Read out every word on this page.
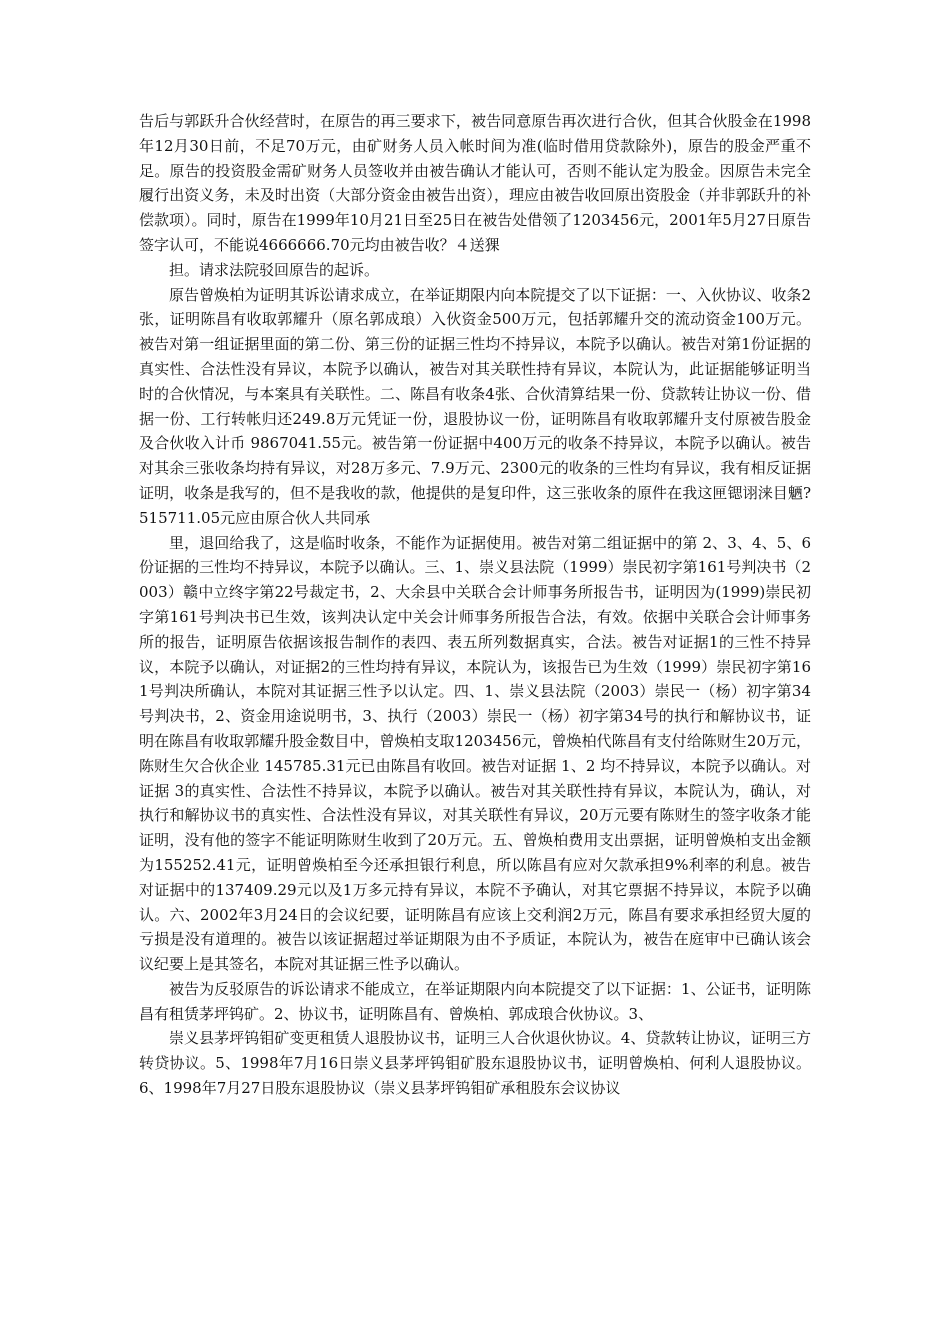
告后与郭跃升合伙经营时，在原告的再三要求下，被告同意原告再次进行合伙，但其合伙股金在1998年12月30日前，不足70万元，由矿财务人员入帐时间为准(临时借用贷款除外)，原告的股金严重不足。原告的投资股金需矿财务人员签收并由被告确认才能认可，否则不能认定为股金。因原告未完全履行出资义务，未及时出资（大部分资金由被告出资），理应由被告收回原出资股金（并非郭跃升的补偿款项）。同时，原告在1999年10月21日至25日在被告处借领了1203456元，2001年5月27日原告签字认可，不能说4666666.70元均由被告收？４送猓

担。请求法院驳回原告的起诉。

原告曾焕柏为证明其诉讼请求成立，在举证期限内向本院提交了以下证据：一、入伙协议、收条2张，证明陈昌有收取郭耀升（原名郭成琅）入伙资金500万元，包括郭耀升交的流动资金100万元。被告对第一组证据里面的第二份、第三份的证据三性均不持异议，本院予以确认。被告对第1份证据的真实性、合法性没有异议，本院予以确认，被告对其关联性持有异议，本院认为，此证据能够证明当时的合伙情况，与本案具有关联性。二、陈昌有收条4张、合伙清算结果一份、贷款转让协议一份、借据一份、工行转帐归还249.8万元凭证一份，退股协议一份，证明陈昌有收取郭耀升支付原被告股金及合伙收入计币 9867041.55元。被告第一份证据中400万元的收条不持异议，本院予以确认。被告对其余三张收条均持有异议，对28万多元、7.9万元、2300元的收条的三性均有异议，我有相反证据证明，收条是我写的，但不是我收的款，他提供的是复印件，这三张收条的原件在我这匣锶诩涞目魉?515711.05元应由原合伙人共同承

里，退回给我了，这是临时收条，不能作为证据使用。被告对第二组证据中的第 2、3、4、5、6份证据的三性均不持异议，本院予以确认。三、1、崇义县法院（1999）崇民初字第161号判决书（2003）赣中立终字第22号裁定书，2、大余县中关联合会计师事务所报告书，证明因为(1999)崇民初字第161号判决书已生效，该判决认定中关会计师事务所报告合法，有效。依据中关联合会计师事务所的报告，证明原告依据该报告制作的表四、表五所列数据真实，合法。被告对证据1的三性不持异议，本院予以确认，对证据2的三性均持有异议，本院认为，该报告已为生效（1999）崇民初字第161号判决所确认，本院对其证据三性予以认定。四、1、崇义县法院（2003）崇民一（杨）初字第34号判决书，2、资金用途说明书，3、执行（2003）崇民一（杨）初字第34号的执行和解协议书，证明在陈昌有收取郭耀升股金数目中，曾焕柏支取1203456元，曾焕柏代陈昌有支付给陈财生20万元，陈财生欠合伙企业 145785.31元已由陈昌有收回。被告对证据 1、2 均不持异议，本院予以确认。对证据 3的真实性、合法性不持异议，本院予以确认。被告对其关联性持有异议，本院认为，确认，对执行和解协议书的真实性、合法性没有异议，对其关联性有异议，20万元要有陈财生的签字收条才能证明，没有他的签字不能证明陈财生收到了20万元。五、曾焕柏费用支出票据，证明曾焕柏支出金额为155252.41元，证明曾焕柏至今还承担银行利息，所以陈昌有应对欠款承担9%利率的利息。被告对证据中的137409.29元以及1万多元持有异议，本院不予确认，对其它票据不持异议，本院予以确认。六、2002年3月24日的会议纪要，证明陈昌有应该上交利润2万元，陈昌有要求承担经贸大厦的亏损是没有道理的。被告以该证据超过举证期限为由不予质证，本院认为，被告在庭审中已确认该会议纪要上是其签名，本院对其证据三性予以确认。

被告为反驳原告的诉讼请求不能成立，在举证期限内向本院提交了以下证据：1、公证书，证明陈昌有租赁茅坪钨矿。2、协议书，证明陈昌有、曾焕柏、郭成琅合伙协议。3、

崇义县茅坪钨钼矿变更租赁人退股协议书，证明三人合伙退伙协议。4、贷款转让协议，证明三方转贷协议。5、1998年7月16日崇义县茅坪钨钼矿股东退股协议书，证明曾焕柏、何利人退股协议。6、1998年7月27日股东退股协议（崇义县茅坪钨钼矿承租股东会议协议
